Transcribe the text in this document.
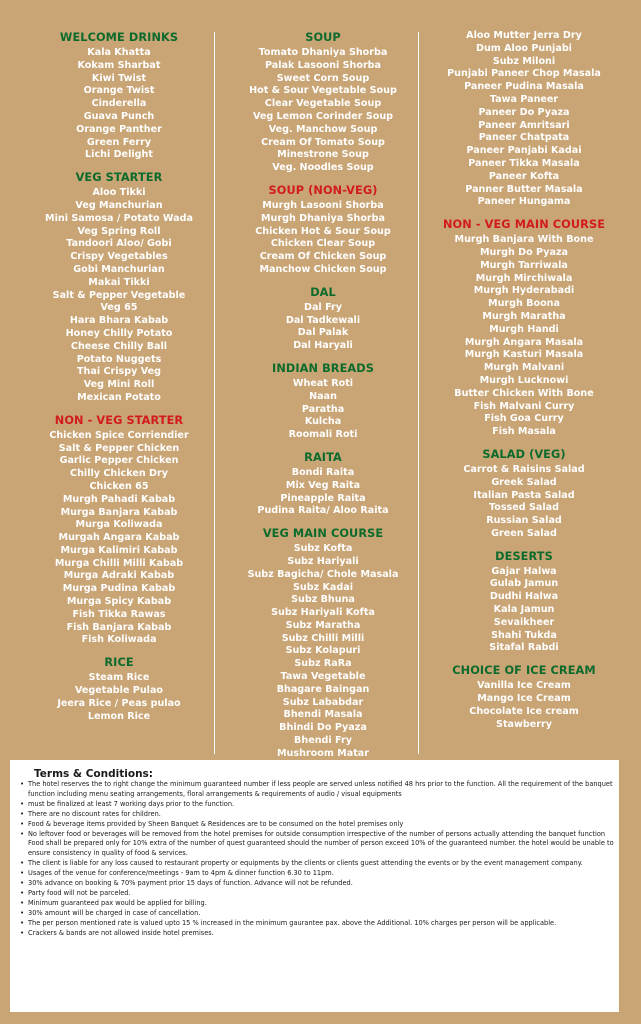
WELCOME DRINKS
Kala Khatta
Kokam Sharbat
Kiwi Twist
Orange Twist
Cinderella
Guava Punch
Orange Panther
Green Ferry
Lichi Delight
VEG STARTER
Aloo Tikki
Veg Manchurian
Mini Samosa / Potato Wada
Veg Spring Roll
Tandoori Aloo/ Gobi
Crispy Vegetables
Gobi Manchurian
Makai Tikki
Salt & Pepper Vegetable
Veg 65
Hara Bhara Kabab
Honey Chilly Potato
Cheese Chilly Ball
Potato Nuggets
Thai Crispy Veg
Veg Mini Roll
Mexican Potato
NON - VEG STARTER
Chicken Spice Corriendier
Salt & Pepper Chicken
Garlic Pepper Chicken
Chilly Chicken Dry
Chicken 65
Murgh Pahadi Kabab
Murga Banjara Kabab
Murga Koliwada
Murgah Angara Kabab
Murga Kalimiri Kabab
Murga Chilli Milli Kabab
Murga Adraki Kabab
Murga Pudina Kabab
Murga Spicy Kabab
Fish Tikka Rawas
Fish Banjara Kabab
Fish Koliwada
RICE
Steam Rice
Vegetable Pulao
Jeera Rice / Peas pulao
Lemon Rice
SOUP
Tomato Dhaniya Shorba
Palak Lasooni Shorba
Sweet Corn Soup
Hot & Sour Vegetable Soup
Clear Vegetable Soup
Veg Lemon Corinder Soup
Veg. Manchow Soup
Cream Of Tomato Soup
Minestrone Soup
Veg. Noodles Soup
SOUP (NON-VEG)
Murgh Lasooni Shorba
Murgh Dhaniya Shorba
Chicken Hot & Sour Soup
Chicken Clear Soup
Cream Of Chicken Soup
Manchow Chicken Soup
DAL
Dal Fry
Dal Tadkewali
Dal Palak
Dal Haryali
INDIAN BREADS
Wheat Roti
Naan
Paratha
Kulcha
Roomali Roti
RAITA
Bondi Raita
Mix Veg Raita
Pineapple Raita
Pudina Raita/ Aloo Raita
VEG MAIN COURSE
Subz Kofta
Subz Hariyali
Subz Bagicha/ Chole Masala
Subz Kadai
Subz Bhuna
Subz Hariyali Kofta
Subz Maratha
Subz Chilli Milli
Subz Kolapuri
Subz RaRa
Tawa Vegetable
Bhagare Baingan
Subz Lababdar
Bhendi Masala
Bhindi Do Pyaza
Bhendi Fry
Mushroom Matar
Aloo Mutter Jerra Dry
Dum Aloo Punjabi
Subz Miloni
Punjabi Paneer Chop Masala
Paneer Pudina Masala
Tawa Paneer
Paneer Do Pyaza
Paneer Amritsari
Paneer Chatpata
Paneer Panjabi Kadai
Paneer Tikka Masala
Paneer Kofta
Panner Butter Masala
Paneer Hungama
NON - VEG MAIN COURSE
Murgh Banjara With Bone
Murgh Do Pyaza
Murgh Tarriwala
Murgh Mirchiwala
Murgh Hyderabadi
Murgh Boona
Murgh Maratha
Murgh Handi
Murgh Angara Masala
Murgh Kasturi Masala
Murgh Malvani
Murgh Lucknowi
Butter Chicken With Bone
Fish Malvani Curry
Fish Goa Curry
Fish Masala
SALAD (VEG)
Carrot & Raisins Salad
Greek Salad
Italian Pasta Salad
Tossed Salad
Russian Salad
Green Salad
DESERTS
Gajar Halwa
Gulab Jamun
Dudhi Halwa
Kala Jamun
Sevaikheer
Shahi Tukda
Sitafal Rabdi
CHOICE OF ICE CREAM
Vanilla Ice Cream
Mango Ice Cream
Chocolate Ice cream
Stawberry
Terms & Conditions:
• The hotel reserves the to right change the minimum guaranteed number if less people are served unless notified 48 hrs prior to the function. All the requirement of the banquet function including menu seating arrangements, floral arrangements & requirements of audio / visual equipments
• must be finalized at least 7 working days prior to the function.
• There are no discount rates for children.
• Food & beverage items provided by Sheen Banquet & Residences are to be consumed on the hotel premises only
• No leftover food or beverages will be removed from the hotel premises for outside consumption irrespective of the number of persons actually attending the banquet function Food shall be prepared only for 10% extra of the number of quest guaranteed should the number of person exceed 10% of the guaranteed number. the hotel would be unable to ensure consistency in quality of food & services.
• The client is liable for any loss caused to restaurant property or equipments by the clients or clients guest attending the events or by the event management company.
• Usages of the venue for conference/meetings - 9am to 4pm & dinner function 6.30 to 11pm.
• 30% advance on booking & 70% payment prior 15 days of function. Advance will not be refunded.
• Party food will not be parceled.
• Minimum guaranteed pax would be applied for billing.
• 30% amount will be charged in case of cancellation.
• The per person mentioned rate is valued upto 15 % increased in the minimum gaurantee pax. above the Additional. 10% charges per person will be applicable.
• Crackers & bands are not allowed inside hotel premises.
